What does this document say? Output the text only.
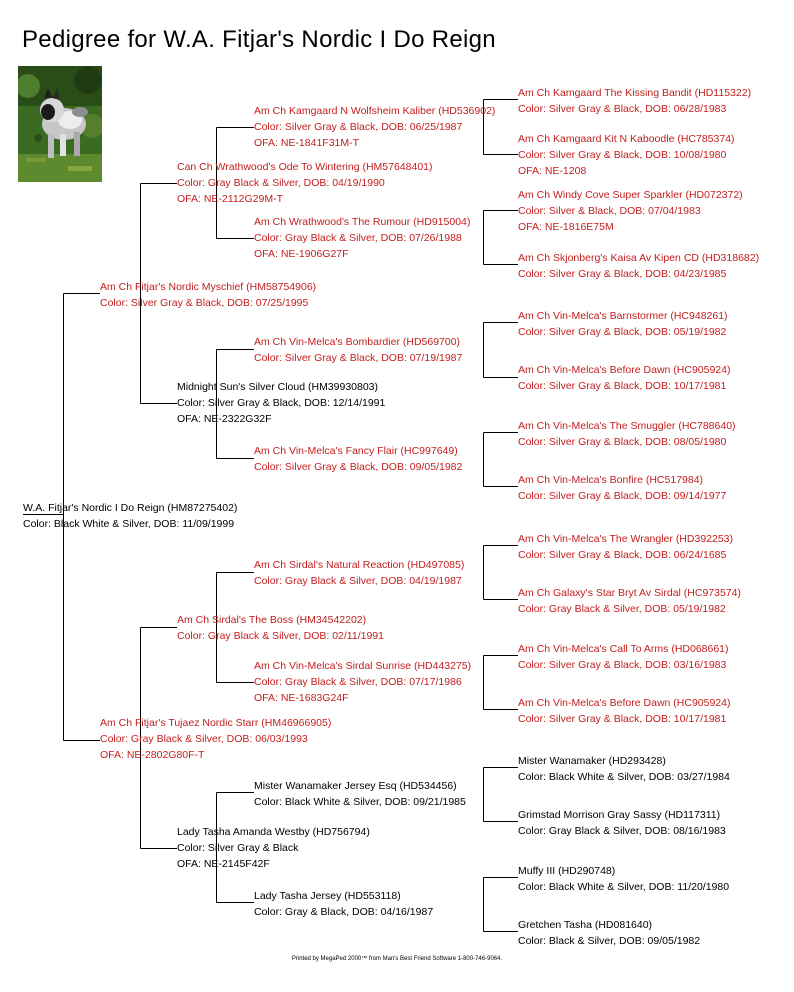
Pedigree for W.A. Fitjar's Nordic I Do Reign
W.A. Fitjar's Nordic I Do Reign (HM87275402)
Color: Black White & Silver, DOB: 11/09/1999
Am Ch Fitjar's Nordic Myschief (HM58754906)
Color: Silver Gray & Black, DOB: 07/25/1995
Am Ch Fitjar's Tujaez Nordic Starr (HM46966905)
Color: Gray Black & Silver, DOB: 06/03/1993
OFA: NE-2802G80F-T
Can Ch Wrathwood's Ode To Wintering (HM57648401)
Color: Gray Black & Silver, DOB: 04/19/1990
OFA: NE-2112G29M-T
Midnight Sun's Silver Cloud (HM39930803)
Color: Silver Gray & Black, DOB: 12/14/1991
OFA: NE-2322G32F
Am Ch Sirdal's The Boss (HM34542202)
Color: Gray Black & Silver, DOB: 02/11/1991
Lady Tasha Amanda Westby (HD756794)
Color: Silver Gray & Black
OFA: NE-2145F42F
Am Ch Kamgaard N Wolfsheim Kaliber (HD536902)
Color: Silver Gray & Black, DOB: 06/25/1987
OFA: NE-1841F31M-T
Am Ch Wrathwood's The Rumour (HD915004)
Color: Gray Black & Silver, DOB: 07/26/1988
OFA: NE-1906G27F
Am Ch Vin-Melca's Bombardier (HD569700)
Color: Silver Gray & Black, DOB: 07/19/1987
Am Ch Vin-Melca's Fancy Flair (HC997649)
Color: Silver Gray & Black, DOB: 09/05/1982
Am Ch Sirdal's Natural Reaction (HD497085)
Color: Gray Black & Silver, DOB: 04/19/1987
Am Ch Vin-Melca's Sirdal Sunrise (HD443275)
Color: Gray Black & Silver, DOB: 07/17/1986
OFA: NE-1683G24F
Mister Wanamaker Jersey Esq (HD534456)
Color: Black White & Silver, DOB: 09/21/1985
Lady Tasha Jersey (HD553118)
Color: Gray & Black, DOB: 04/16/1987
Am Ch Kamgaard The Kissing Bandit (HD115322)
Color: Silver Gray & Black, DOB: 06/28/1983
Am Ch Kamgaard Kit N Kaboodle (HC785374)
Color: Silver Gray & Black, DOB: 10/08/1980
OFA: NE-1208
Am Ch Windy Cove Super Sparkler (HD072372)
Color: Silver & Black, DOB: 07/04/1983
OFA: NE-1816E75M
Am Ch Skjonberg's Kaisa Av Kipen CD (HD318682)
Color: Silver Gray & Black, DOB: 04/23/1985
Am Ch Vin-Melca's Barnstormer (HC948261)
Color: Silver Gray & Black, DOB: 05/19/1982
Am Ch Vin-Melca's Before Dawn (HC905924)
Color: Silver Gray & Black, DOB: 10/17/1981
Am Ch Vin-Melca's The Smuggler (HC788640)
Color: Silver Gray & Black, DOB: 08/05/1980
Am Ch Vin-Melca's Bonfire (HC517984)
Color: Silver Gray & Black, DOB: 09/14/1977
Am Ch Vin-Melca's The Wrangler (HD392253)
Color: Silver Gray & Black, DOB: 06/24/1685
Am Ch Galaxy's Star Bryt Av Sirdal (HC973574)
Color: Gray Black & Silver, DOB: 05/19/1982
Am Ch Vin-Melca's Call To Arms (HD068661)
Color: Silver Gray & Black, DOB: 03/16/1983
Am Ch Vin-Melca's Before Dawn (HC905924)
Color: Silver Gray & Black, DOB: 10/17/1981
Mister Wanamaker (HD293428)
Color: Black White & Silver, DOB: 03/27/1984
Grimstad Morrison Gray Sassy (HD117311)
Color: Gray Black & Silver, DOB: 08/16/1983
Muffy III (HD290748)
Color: Black White & Silver, DOB: 11/20/1980
Gretchen Tasha (HD081640)
Color: Black & Silver, DOB: 09/05/1982
Printed by MegaPed 2000™ from Man's Best Friend Software 1-800-746-9064.
